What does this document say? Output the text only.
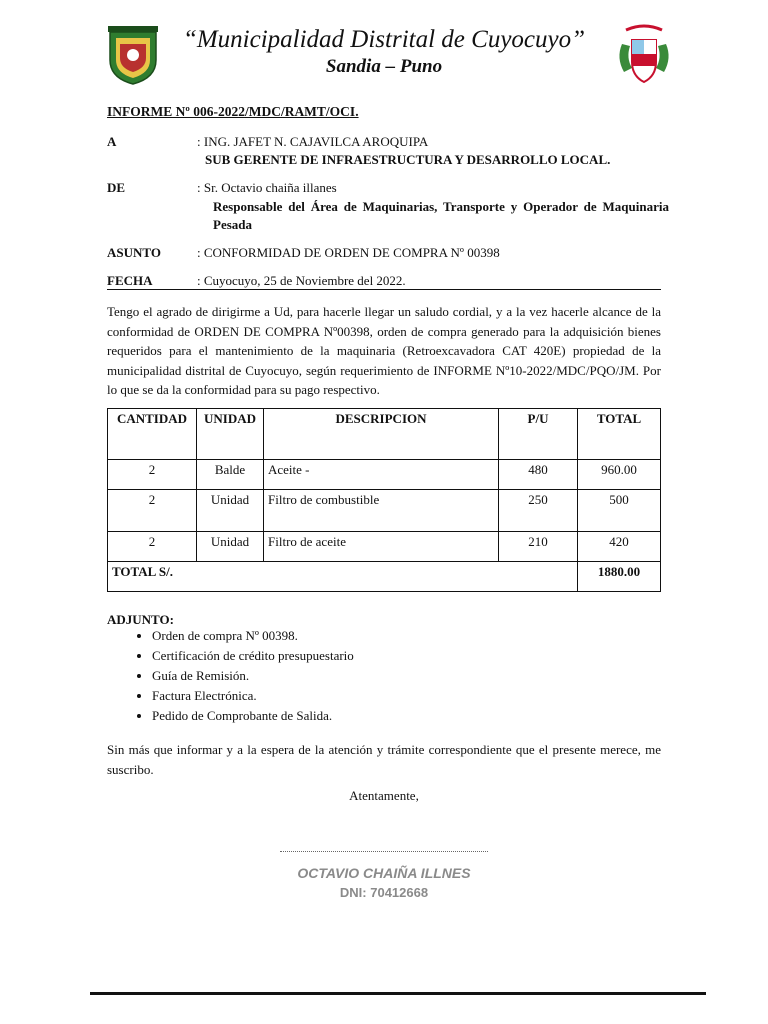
“Municipalidad Distrital de Cuyocuyo”
Sandia – Puno
INFORME Nº 006-2022/MDC/RAMT/OCI.
A	: ING. JAFET N. CAJAVILCA AROQUIPA
SUB GERENTE DE INFRAESTRUCTURA Y DESARROLLO LOCAL.
DE	: Sr. Octavio chaiña illanes
Responsable del Área de Maquinarias, Transporte y Operador de Maquinaria Pesada
ASUNTO	: CONFORMIDAD DE ORDEN DE COMPRA Nº 00398
FECHA	: Cuyocuyo, 25 de Noviembre del 2022.
Tengo el agrado de dirigirme a Ud, para hacerle llegar un saludo cordial, y a la vez hacerle alcance de la conformidad de ORDEN DE COMPRA Nº00398, orden de compra generado para la adquisición bienes requeridos para el mantenimiento de la maquinaria (Retroexcavadora CAT 420E) propiedad de la municipalidad distrital de Cuyocuyo, según requerimiento de INFORME Nº10-2022/MDC/PQO/JM. Por lo que se da la conformidad para su pago respectivo.
CANTIDAD	UNIDAD	DESCRIPCION	P/U	TOTAL
2	Balde	Aceite -	480	960.00
2	Unidad	Filtro de combustible	250	500
2	Unidad	Filtro de aceite	210	420
TOTAL S/.				1880.00
ADJUNTO:
• Orden de compra Nº 00398.
• Certificación de crédito presupuestario
• Guía de Remisión.
• Factura Electrónica.
• Pedido de Comprobante de Salida.
Sin más que informar y a la espera de la atención y trámite correspondiente que el presente merece, me suscribo.
Atentamente,
OCTAVIO CHAIÑA ILLNES
DNI: 70412668
